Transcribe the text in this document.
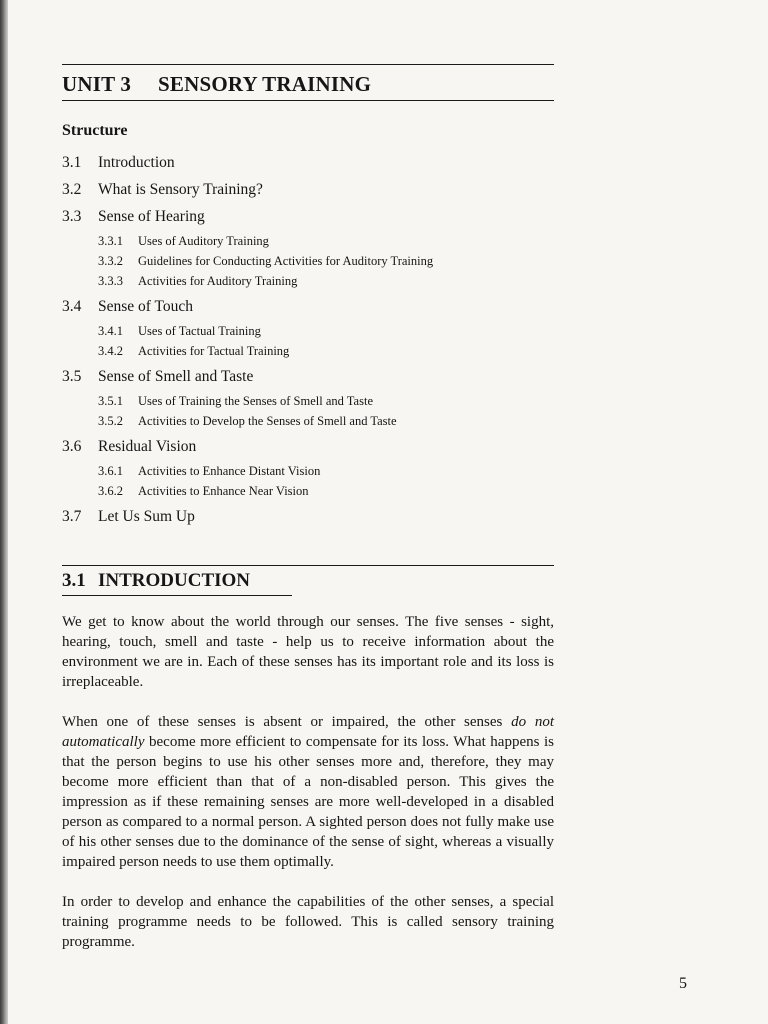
UNIT 3 SENSORY TRAINING
Structure
3.1 Introduction
3.2 What is Sensory Training?
3.3 Sense of Hearing
3.3.1 Uses of Auditory Training
3.3.2 Guidelines for Conducting Activities for Auditory Training
3.3.3 Activities for Auditory Training
3.4 Sense of Touch
3.4.1 Uses of Tactual Training
3.4.2 Activities for Tactual Training
3.5 Sense of Smell and Taste
3.5.1 Uses of Training the Senses of Smell and Taste
3.5.2 Activities to Develop the Senses of Smell and Taste
3.6 Residual Vision
3.6.1 Activities to Enhance Distant Vision
3.6.2 Activities to Enhance Near Vision
3.7 Let Us Sum Up
3.1 INTRODUCTION

We get to know about the world through our senses. The five senses - sight, hearing, touch, smell and taste - help us to receive information about the environment we are in. Each of these senses has its important role and its loss is irreplaceable.

When one of these senses is absent or impaired, the other senses do not automatically become more efficient to compensate for its loss. What happens is that the person begins to use his other senses more and, therefore, they may become more efficient than that of a non-disabled person. This gives the impression as if these remaining senses are more well-developed in a disabled person as compared to a normal person. A sighted person does not fully make use of his other senses due to the dominance of the sense of sight, whereas a visually impaired person needs to use them optimally.

In order to develop and enhance the capabilities of the other senses, a special training programme needs to be followed. This is called sensory training programme.

5
